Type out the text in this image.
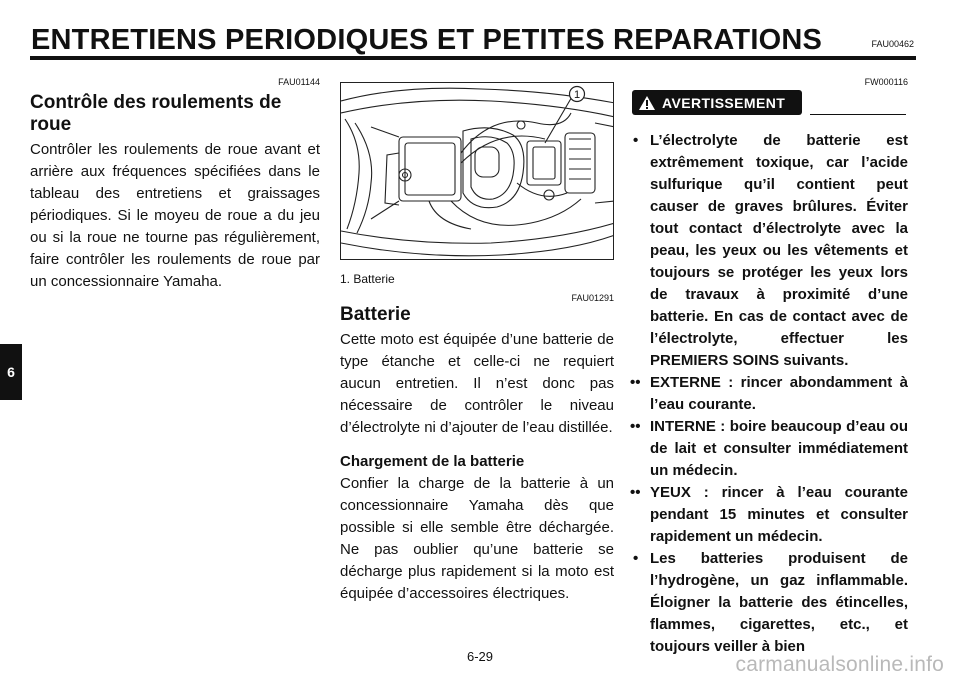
ENTRETIENS PERIODIQUES ET PETITES REPARATIONS	FAU00462
6
FAU01144
Contrôle des roulements de roue
Contrôler les roulements de roue avant et arrière aux fréquences spécifiées dans le tableau des entretiens et graissages périodiques. Si le moyeu de roue a du jeu ou si la roue ne tourne pas régulièrement, faire contrôler les roulements de roue par un concessionnaire Yamaha.
1
1. Batterie
FAU01291
Batterie
Cette moto est équipée d’une batterie de type étanche et celle-ci ne requiert aucun entretien. Il n’est donc pas nécessaire de contrôler le niveau d’électrolyte ni d’ajouter de l’eau distillée.
Chargement de la batterie
Confier la charge de la batterie à un concessionnaire Yamaha dès que possible si elle semble être déchargée. Ne pas oublier qu’une batterie se décharge plus rapidement si la moto est équipée d’accessoires électriques.
FW000116
AVERTISSEMENT
• L’électrolyte de batterie est extrêmement toxique, car l’acide sulfurique qu’il contient peut causer de graves brûlures. Éviter tout contact d’électrolyte avec la peau, les yeux ou les vêtements et toujours se protéger les yeux lors de travaux à proximité d’une batterie. En cas de contact avec de l’électrolyte, effectuer les PREMIERS SOINS suivants.
•• EXTERNE : rincer abondamment à l’eau courante.
•• INTERNE : boire beaucoup d’eau ou de lait et consulter immédiatement un médecin.
•• YEUX : rincer à l’eau courante pendant 15 minutes et consulter rapidement un médecin.
• Les batteries produisent de l’hydrogène, un gaz inflammable. Éloigner la batterie des étincelles, flammes, cigarettes, etc., et toujours veiller à bien
6-29	carmanualsonline.info
